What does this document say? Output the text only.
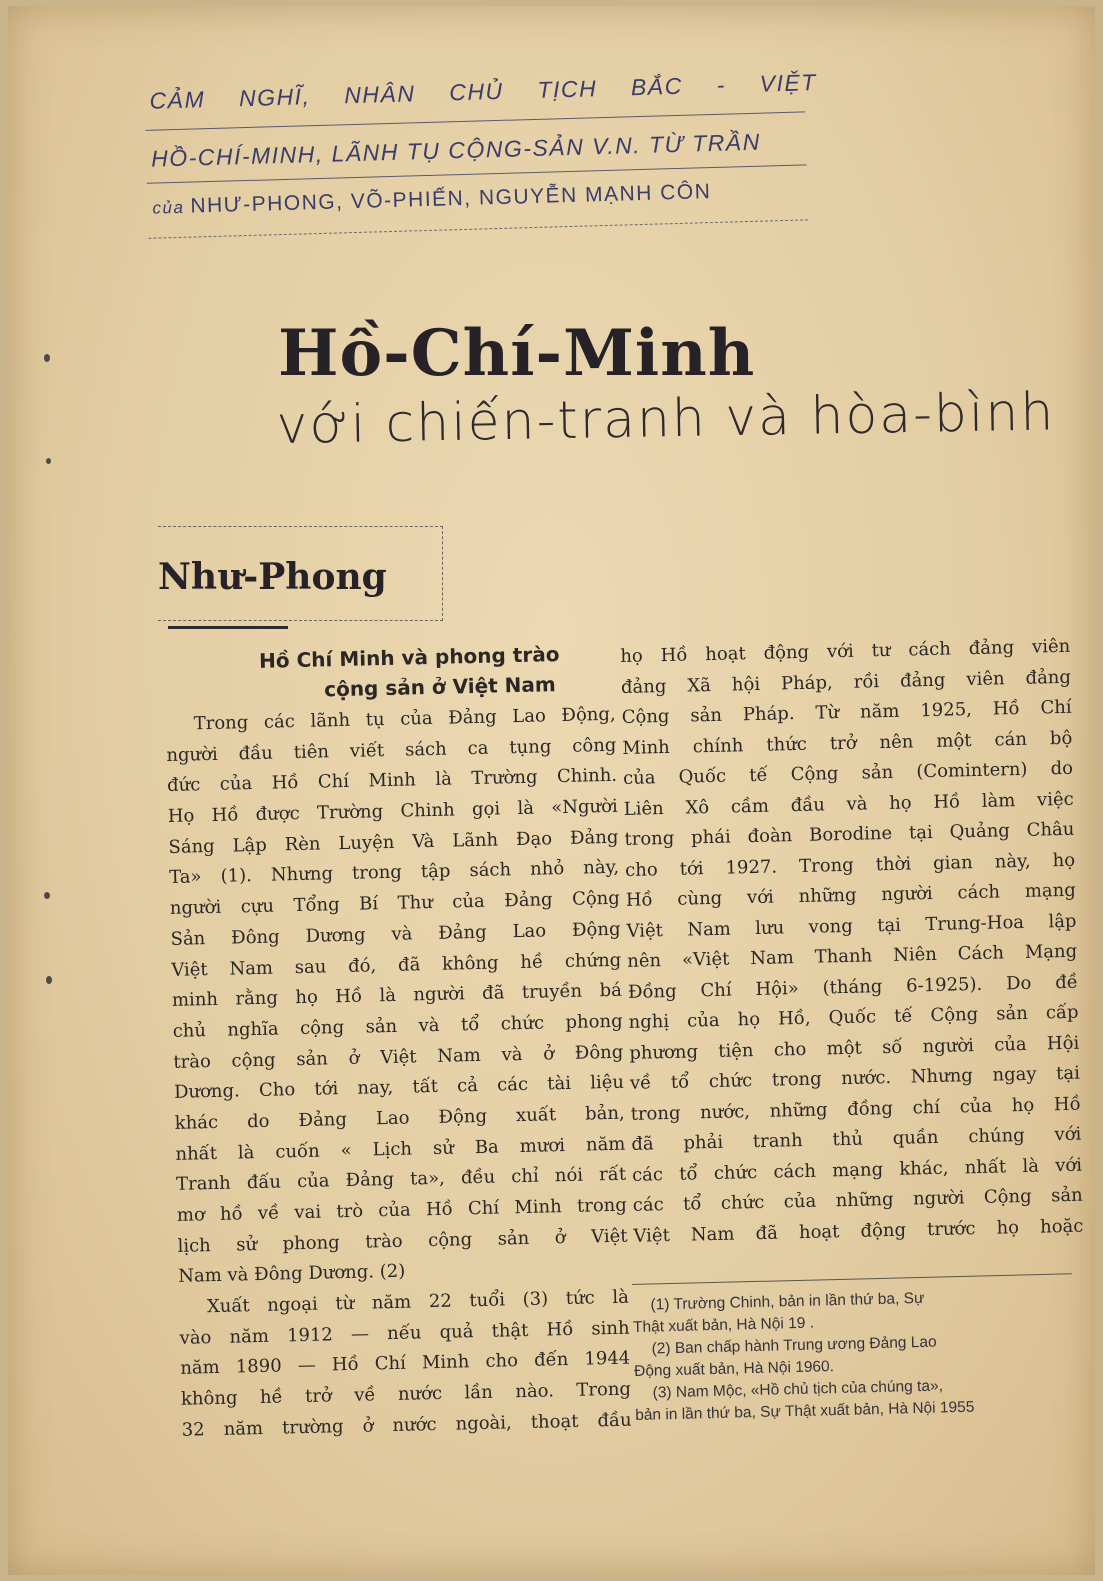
CẢM NGHĨ, NHÂN CHỦ TỊCH BẮC - VIỆT
HỒ-CHÍ-MINH, LÃNH TỤ CỘNG-SẢN V.N. TỪ TRẦN
của NHƯ-PHONG, VÕ-PHIẾN, NGUYỄN MẠNH CÔN
Hồ-Chí-Minh
với chiến-tranh và hòa-bình
Như-Phong
Hồ Chí Minh và phong trào
cộng sản ở Việt Nam
Trong các lãnh tụ của Đảng Lao Động,
người đầu tiên viết sách ca tụng công
đức của Hồ Chí Minh là Trường Chinh.
Họ Hồ được Trường Chinh gọi là «Người
Sáng Lập Rèn Luyện Và Lãnh Đạo Đảng
Ta» (1). Nhưng trong tập sách nhỏ này,
người cựu Tổng Bí Thư của Đảng Cộng
Sản Đông Dương và Đảng Lao Động
Việt Nam sau đó, đã không hề chứng
minh rằng họ Hồ là người đã truyền bá
chủ nghĩa cộng sản và tổ chức phong
trào cộng sản ở Việt Nam và ở Đông
Dương. Cho tới nay, tất cả các tài liệu
khác do Đảng Lao Động xuất bản,
nhất là cuốn « Lịch sử Ba mươi năm
Tranh đấu của Đảng ta», đều chỉ nói rất
mơ hồ về vai trò của Hồ Chí Minh trong
lịch sử phong trào cộng sản ở Việt
Nam và Đông Dương. (2)
Xuất ngoại từ năm 22 tuổi (3) tức là
vào năm 1912 — nếu quả thật Hồ sinh
năm 1890 — Hồ Chí Minh cho đến 1944
không hề trở về nước lần nào. Trong
32 năm trường ở nước ngoài, thoạt đầu
họ Hồ hoạt động với tư cách đảng viên
đảng Xã hội Pháp, rồi đảng viên đảng
Cộng sản Pháp. Từ năm 1925, Hồ Chí
Minh chính thức trở nên một cán bộ
của Quốc tế Cộng sản (Comintern) do
Liên Xô cầm đầu và họ Hồ làm việc
trong phái đoàn Borodine tại Quảng Châu
cho tới 1927. Trong thời gian này, họ
Hồ cùng với những người cách mạng
Việt Nam lưu vong tại Trung-Hoa lập
nên «Việt Nam Thanh Niên Cách Mạng
Đồng Chí Hội» (tháng 6-1925). Do đề
nghị của họ Hồ, Quốc tế Cộng sản cấp
phương tiện cho một số người của Hội
về tổ chức trong nước. Nhưng ngay tại
trong nước, những đồng chí của họ Hồ
đã phải tranh thủ quần chúng với
các tổ chức cách mạng khác, nhất là với
các tổ chức của những người Cộng sản
Việt Nam đã hoạt động trước họ hoặc
(1) Trường Chinh, bản in lần thứ ba, Sự
Thật xuất bản, Hà Nội 19 .
(2) Ban chấp hành Trung ương Đảng Lao
Động xuất bản, Hà Nội 1960.
(3) Nam Mộc, «Hồ chủ tịch của chúng ta»,
bản in lần thứ ba, Sự Thật xuất bản, Hà Nội 1955
